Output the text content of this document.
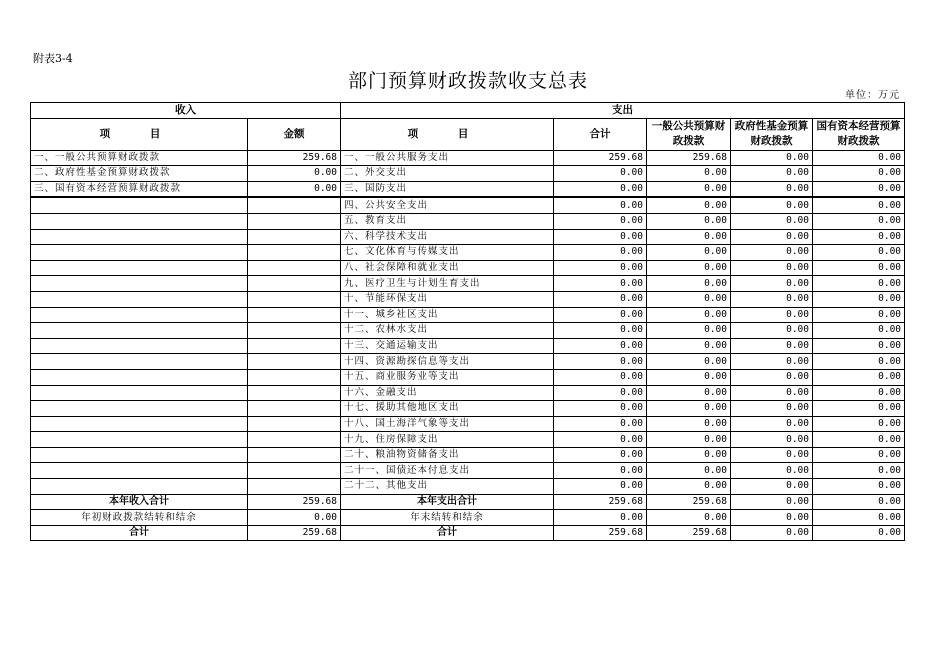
附表3-4
部门预算财政拨款收支总表
单位：万元
收入		支出				
项 目	金额	项 目	合计	一般公共预算财政拨款	政府性基金预算财政拨款	国有资本经营预算财政拨款
一、一般公共预算财政拨款	259.68	一、一般公共服务支出	259.68	259.68	0.00	0.00
二、政府性基金预算财政拨款	0.00	二、外交支出	0.00	0.00	0.00	0.00
三、国有资本经营预算财政拨款	0.00	三、国防支出	0.00	0.00	0.00	0.00
		四、公共安全支出	0.00	0.00	0.00	0.00
		五、教育支出	0.00	0.00	0.00	0.00
		六、科学技术支出	0.00	0.00	0.00	0.00
		七、文化体育与传媒支出	0.00	0.00	0.00	0.00
		八、社会保障和就业支出	0.00	0.00	0.00	0.00
		九、医疗卫生与计划生育支出	0.00	0.00	0.00	0.00
		十、节能环保支出	0.00	0.00	0.00	0.00
		十一、城乡社区支出	0.00	0.00	0.00	0.00
		十二、农林水支出	0.00	0.00	0.00	0.00
		十三、交通运输支出	0.00	0.00	0.00	0.00
		十四、资源勘探信息等支出	0.00	0.00	0.00	0.00
		十五、商业服务业等支出	0.00	0.00	0.00	0.00
		十六、金融支出	0.00	0.00	0.00	0.00
		十七、援助其他地区支出	0.00	0.00	0.00	0.00
		十八、国土海洋气象等支出	0.00	0.00	0.00	0.00
		十九、住房保障支出	0.00	0.00	0.00	0.00
		二十、粮油物资储备支出	0.00	0.00	0.00	0.00
		二十一、国债还本付息支出	0.00	0.00	0.00	0.00
		二十二、其他支出	0.00	0.00	0.00	0.00
本年收入合计	259.68	本年支出合计	259.68	259.68	0.00	0.00
年初财政拨款结转和结余	0.00	年末结转和结余	0.00	0.00	0.00	0.00
合计	259.68	合计	259.68	259.68	0.00	0.00
